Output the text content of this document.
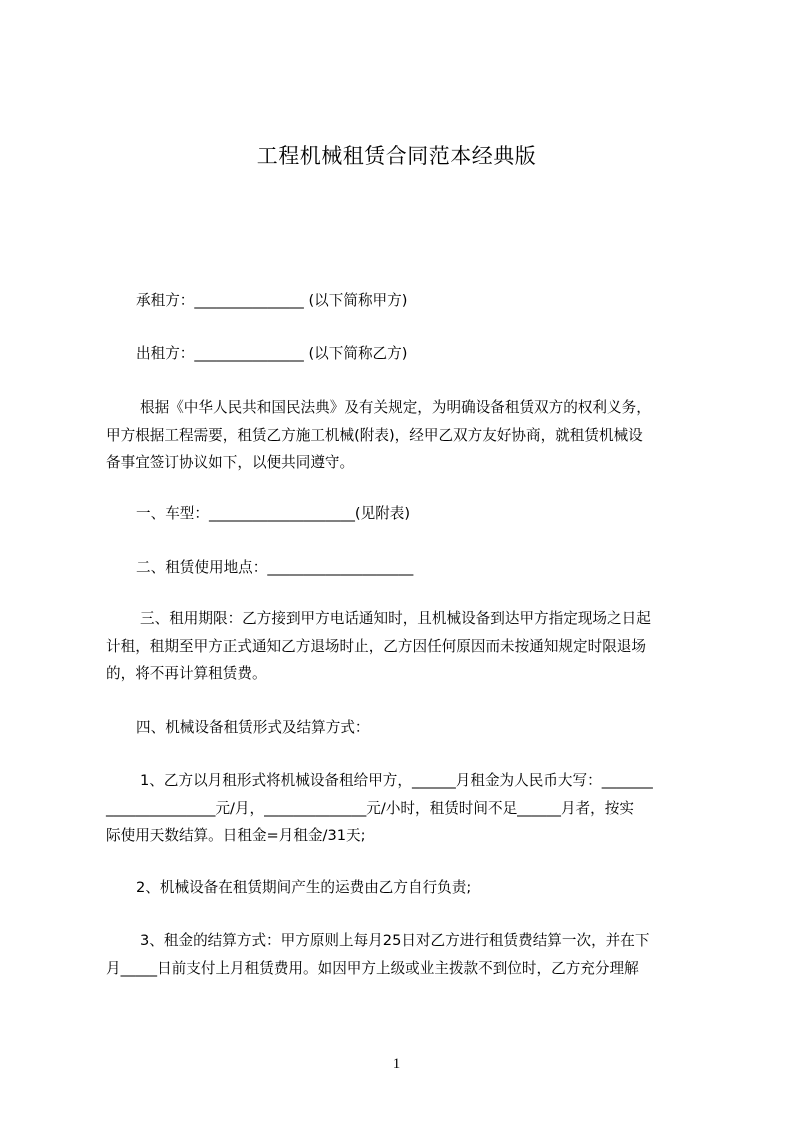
工程机械租赁合同范本经典版
承租方：_______________ (以下简称甲方)
出租方：_______________ (以下简称乙方)
根据《中华人民共和国民法典》及有关规定，为明确设备租赁双方的权利义务，
甲方根据工程需要，租赁乙方施工机械(附表)，经甲乙双方友好协商，就租赁机械设
备事宜签订协议如下，以便共同遵守。
一、车型：____________________(见附表)
二、租赁使用地点：____________________
三、租用期限：乙方接到甲方电话通知时，且机械设备到达甲方指定现场之日起
计租，租期至甲方正式通知乙方退场时止，乙方因任何原因而未按通知规定时限退场
的，将不再计算租赁费。
四、机械设备租赁形式及结算方式：
1、乙方以月租形式将机械设备租给甲方，______月租金为人民币大写：_______
_______________元/月，______________元/小时，租赁时间不足______月者，按实
际使用天数结算。日租金=月租金/31天;
2、机械设备在租赁期间产生的运费由乙方自行负责;
3、租金的结算方式：甲方原则上每月25日对乙方进行租赁费结算一次，并在下
月_____日前支付上月租赁费用。如因甲方上级或业主拨款不到位时，乙方充分理解
1
